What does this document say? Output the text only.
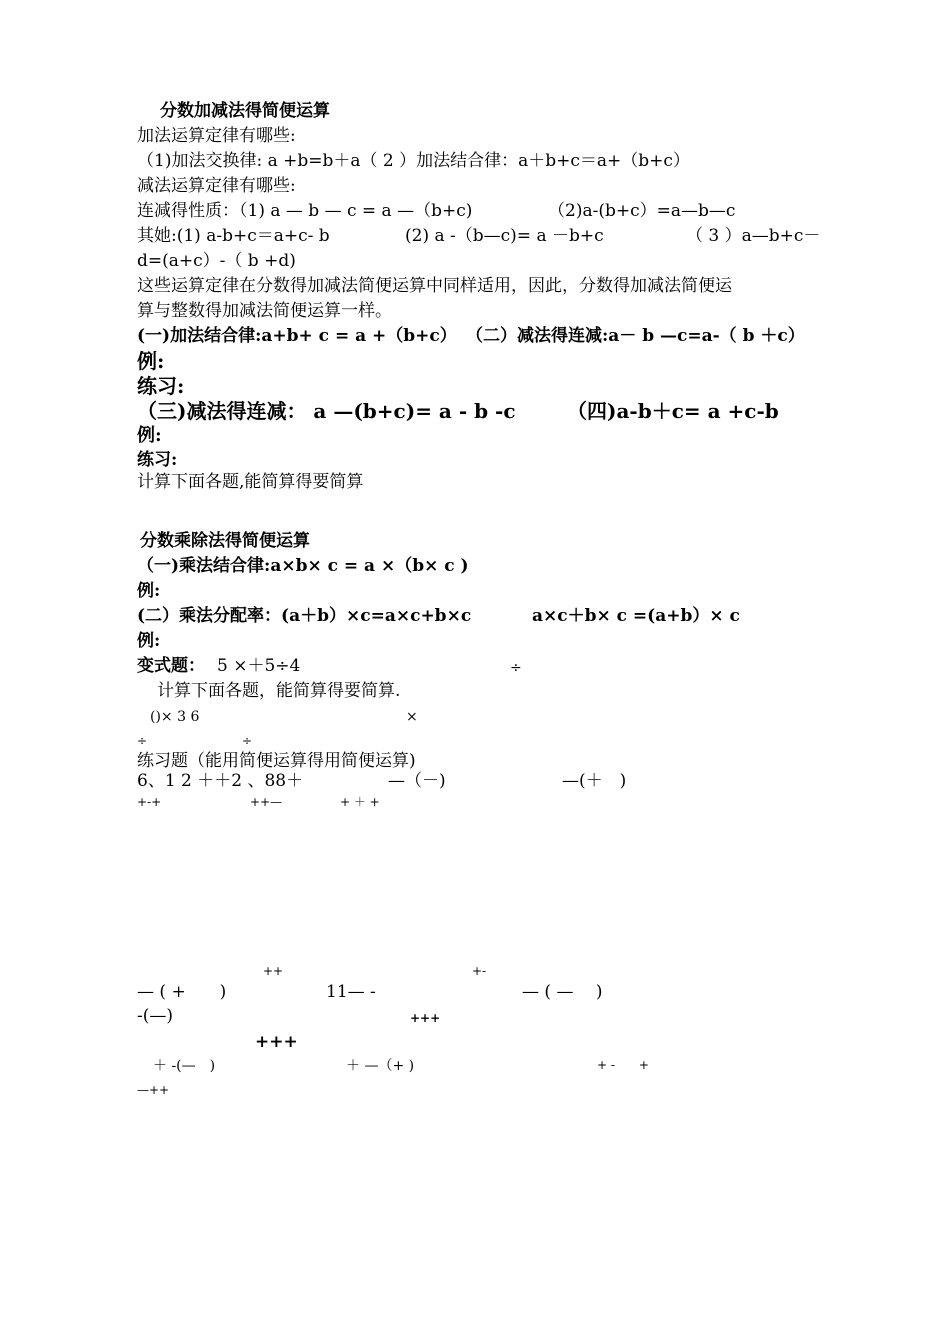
分数加减法得简便运算
加法运算定律有哪些:
（1)加法交换律: a +b=b＋a（ 2 ）加法结合律：a＋b+c＝a+（b+c）
减法运算定律有哪些:
连减得性质：（1) a — b — c = a —（b+c)	（2)a-(b+c）=a—b—c
其她:(1) a-b+c＝a+c- b	(2) a -（b—c)= a －b+c	（ 3 ）a—b+c－
d=(a+c）-（ b +d)
这些运算定律在分数得加减法简便运算中同样适用，因此，分数得加减法简便运
算与整数得加减法简便运算一样。
(一)加法结合律:a+b+ c = a +（b+c） （二）减法得连减:a－ b —c=a-（ b ＋c）
例:
练习:
（三)减法得连减： a —(b+c)= a - b -c	（四)a-b＋c= a +c-b
例:
练习:
计算下面各题,能简算得要简算
分数乘除法得简便运算
（一)乘法结合律:a×b× c = a ×（b× c )
例:
(二）乘法分配率：(a＋b）×c=a×c+b×c	a×c＋b× c =(a+b）× c
例:
变式题： 5 ×＋5÷4	÷
计算下面各题，能简算得要简算.
()× 3 6	×
÷	÷
练习题（能用简便运算得用简便运算)
6、1 2 ＋＋2 、88＋	—（－)	—(＋　)
+-+	++—	+ ＋ +
++	+-
— ( +　　)	11— -	— ( —　 )
-(—)	+++
+++
＋ -(—　)	＋ —（+ )	+ -　　+
—++
